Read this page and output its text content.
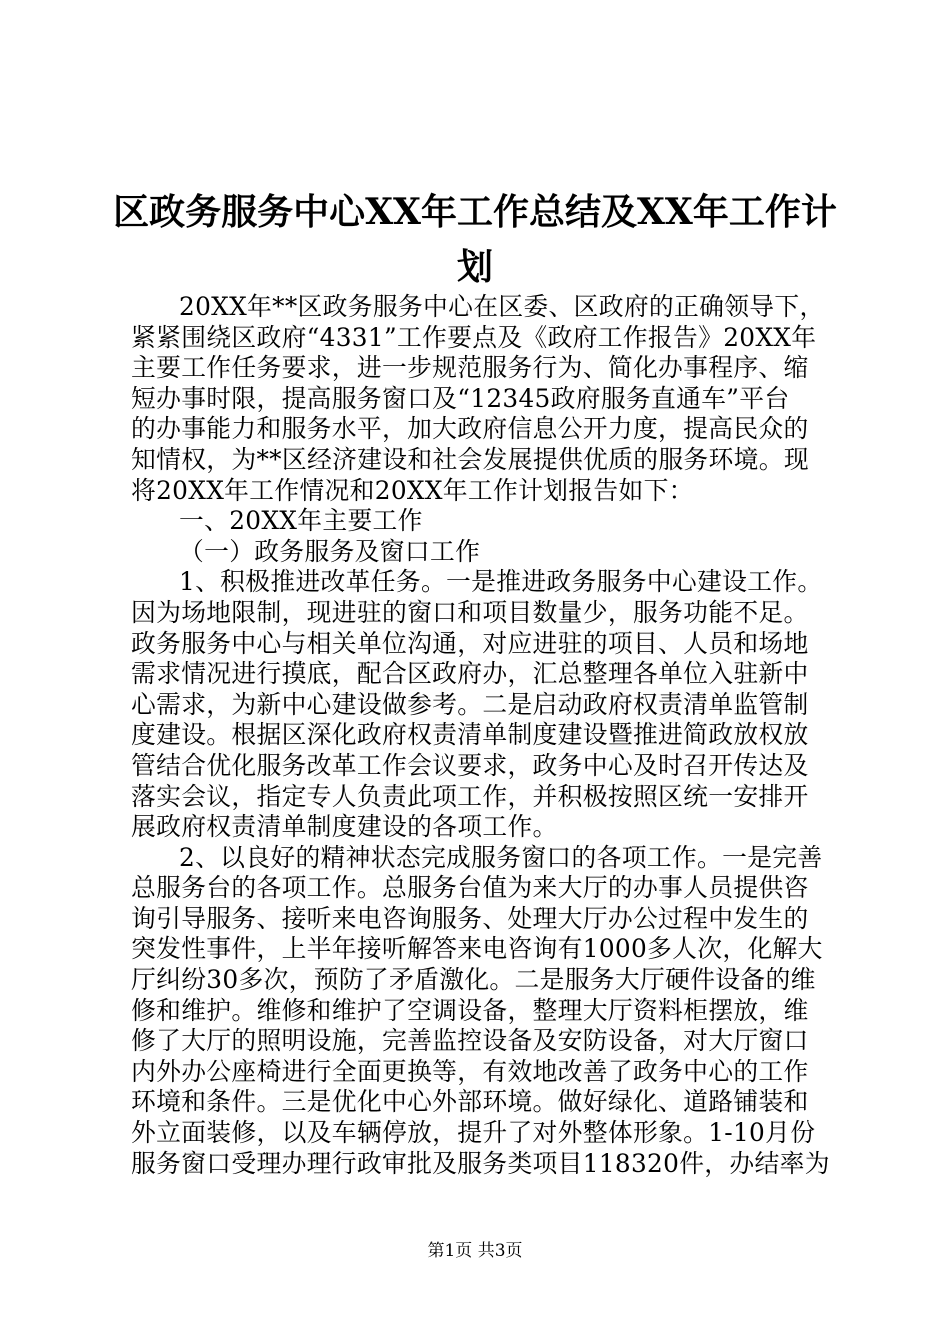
区政务服务中心XX年工作总结及XX年工作计
划
20XX年**区政务服务中心在区委、区政府的正确领导下，
紧紧围绕区政府“4331”工作要点及《政府工作报告》20XX年
主要工作任务要求，进一步规范服务行为、简化办事程序、缩
短办事时限，提高服务窗口及“12345政府服务直通车”平台
的办事能力和服务水平，加大政府信息公开力度，提高民众的
知情权，为**区经济建设和社会发展提供优质的服务环境。现
将20XX年工作情况和20XX年工作计划报告如下：
一、20XX年主要工作
（一）政务服务及窗口工作
1、积极推进改革任务。一是推进政务服务中心建设工作。
因为场地限制，现进驻的窗口和项目数量少，服务功能不足。
政务服务中心与相关单位沟通，对应进驻的项目、人员和场地
需求情况进行摸底，配合区政府办，汇总整理各单位入驻新中
心需求，为新中心建设做参考。二是启动政府权责清单监管制
度建设。根据区深化政府权责清单制度建设暨推进简政放权放
管结合优化服务改革工作会议要求，政务中心及时召开传达及
落实会议，指定专人负责此项工作，并积极按照区统一安排开
展政府权责清单制度建设的各项工作。
2、以良好的精神状态完成服务窗口的各项工作。一是完善
总服务台的各项工作。总服务台值为来大厅的办事人员提供咨
询引导服务、接听来电咨询服务、处理大厅办公过程中发生的
突发性事件，上半年接听解答来电咨询有1000多人次，化解大
厅纠纷30多次，预防了矛盾激化。二是服务大厅硬件设备的维
修和维护。维修和维护了空调设备，整理大厅资料柜摆放，维
修了大厅的照明设施，完善监控设备及安防设备，对大厅窗口
内外办公座椅进行全面更换等，有效地改善了政务中心的工作
环境和条件。三是优化中心外部环境。做好绿化、道路铺装和
外立面装修，以及车辆停放，提升了对外整体形象。1-10月份
服务窗口受理办理行政审批及服务类项目118320件，办结率为
第1页 共3页
